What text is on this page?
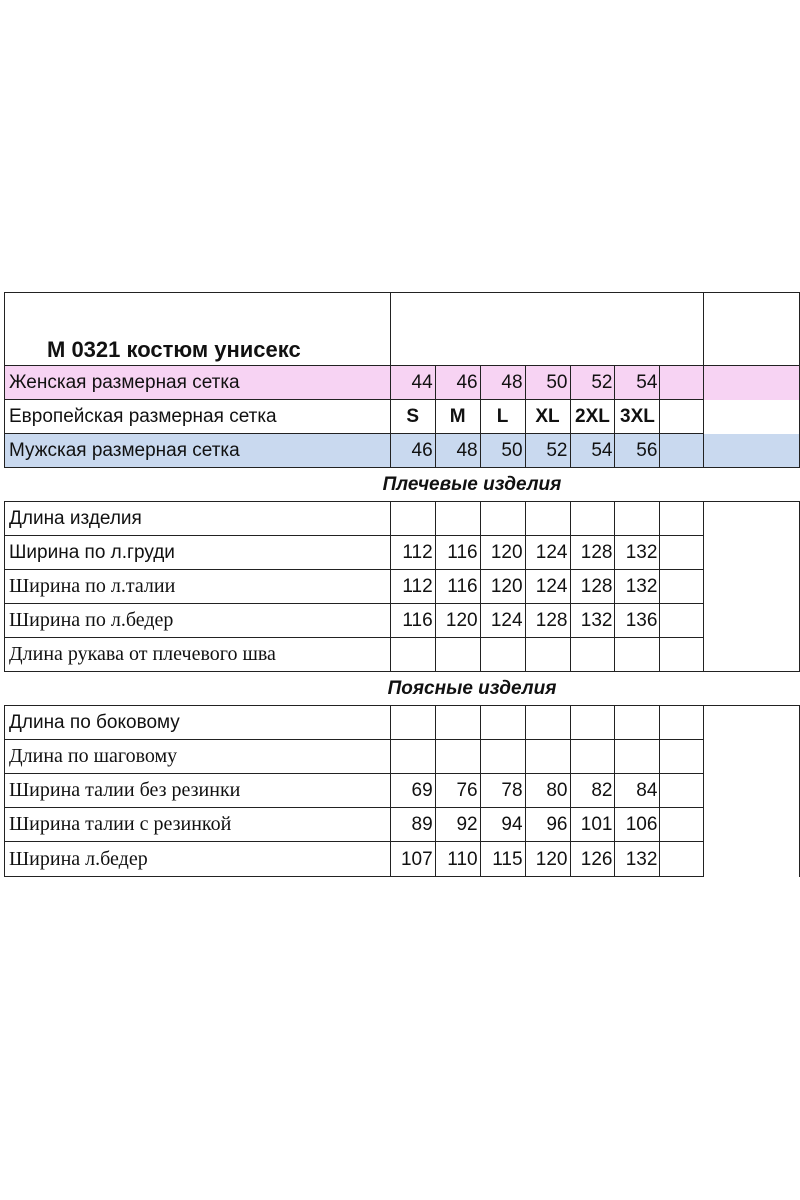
М 0321 костюм унисекс								
Женская размерная сетка	44	46	48	50	52	54		
Европейская размерная сетка	S	M	L	XL	2XL	3XL		
Мужская размерная сетка	46	48	50	52	54	56		
Плечевые изделия								
Длина изделия								
Ширина по л.груди	112	116	120	124	128	132		
Ширина по л.талии	112	116	120	124	128	132		
Ширина по л.бедер	116	120	124	128	132	136		
Длина рукава от плечевого шва								
Поясные изделия								
Длина по боковому								
Длина по шаговому								
Ширина талии без резинки	69	76	78	80	82	84		
Ширина талии с резинкой	89	92	94	96	101	106		
Ширина л.бедер	107	110	115	120	126	132		
